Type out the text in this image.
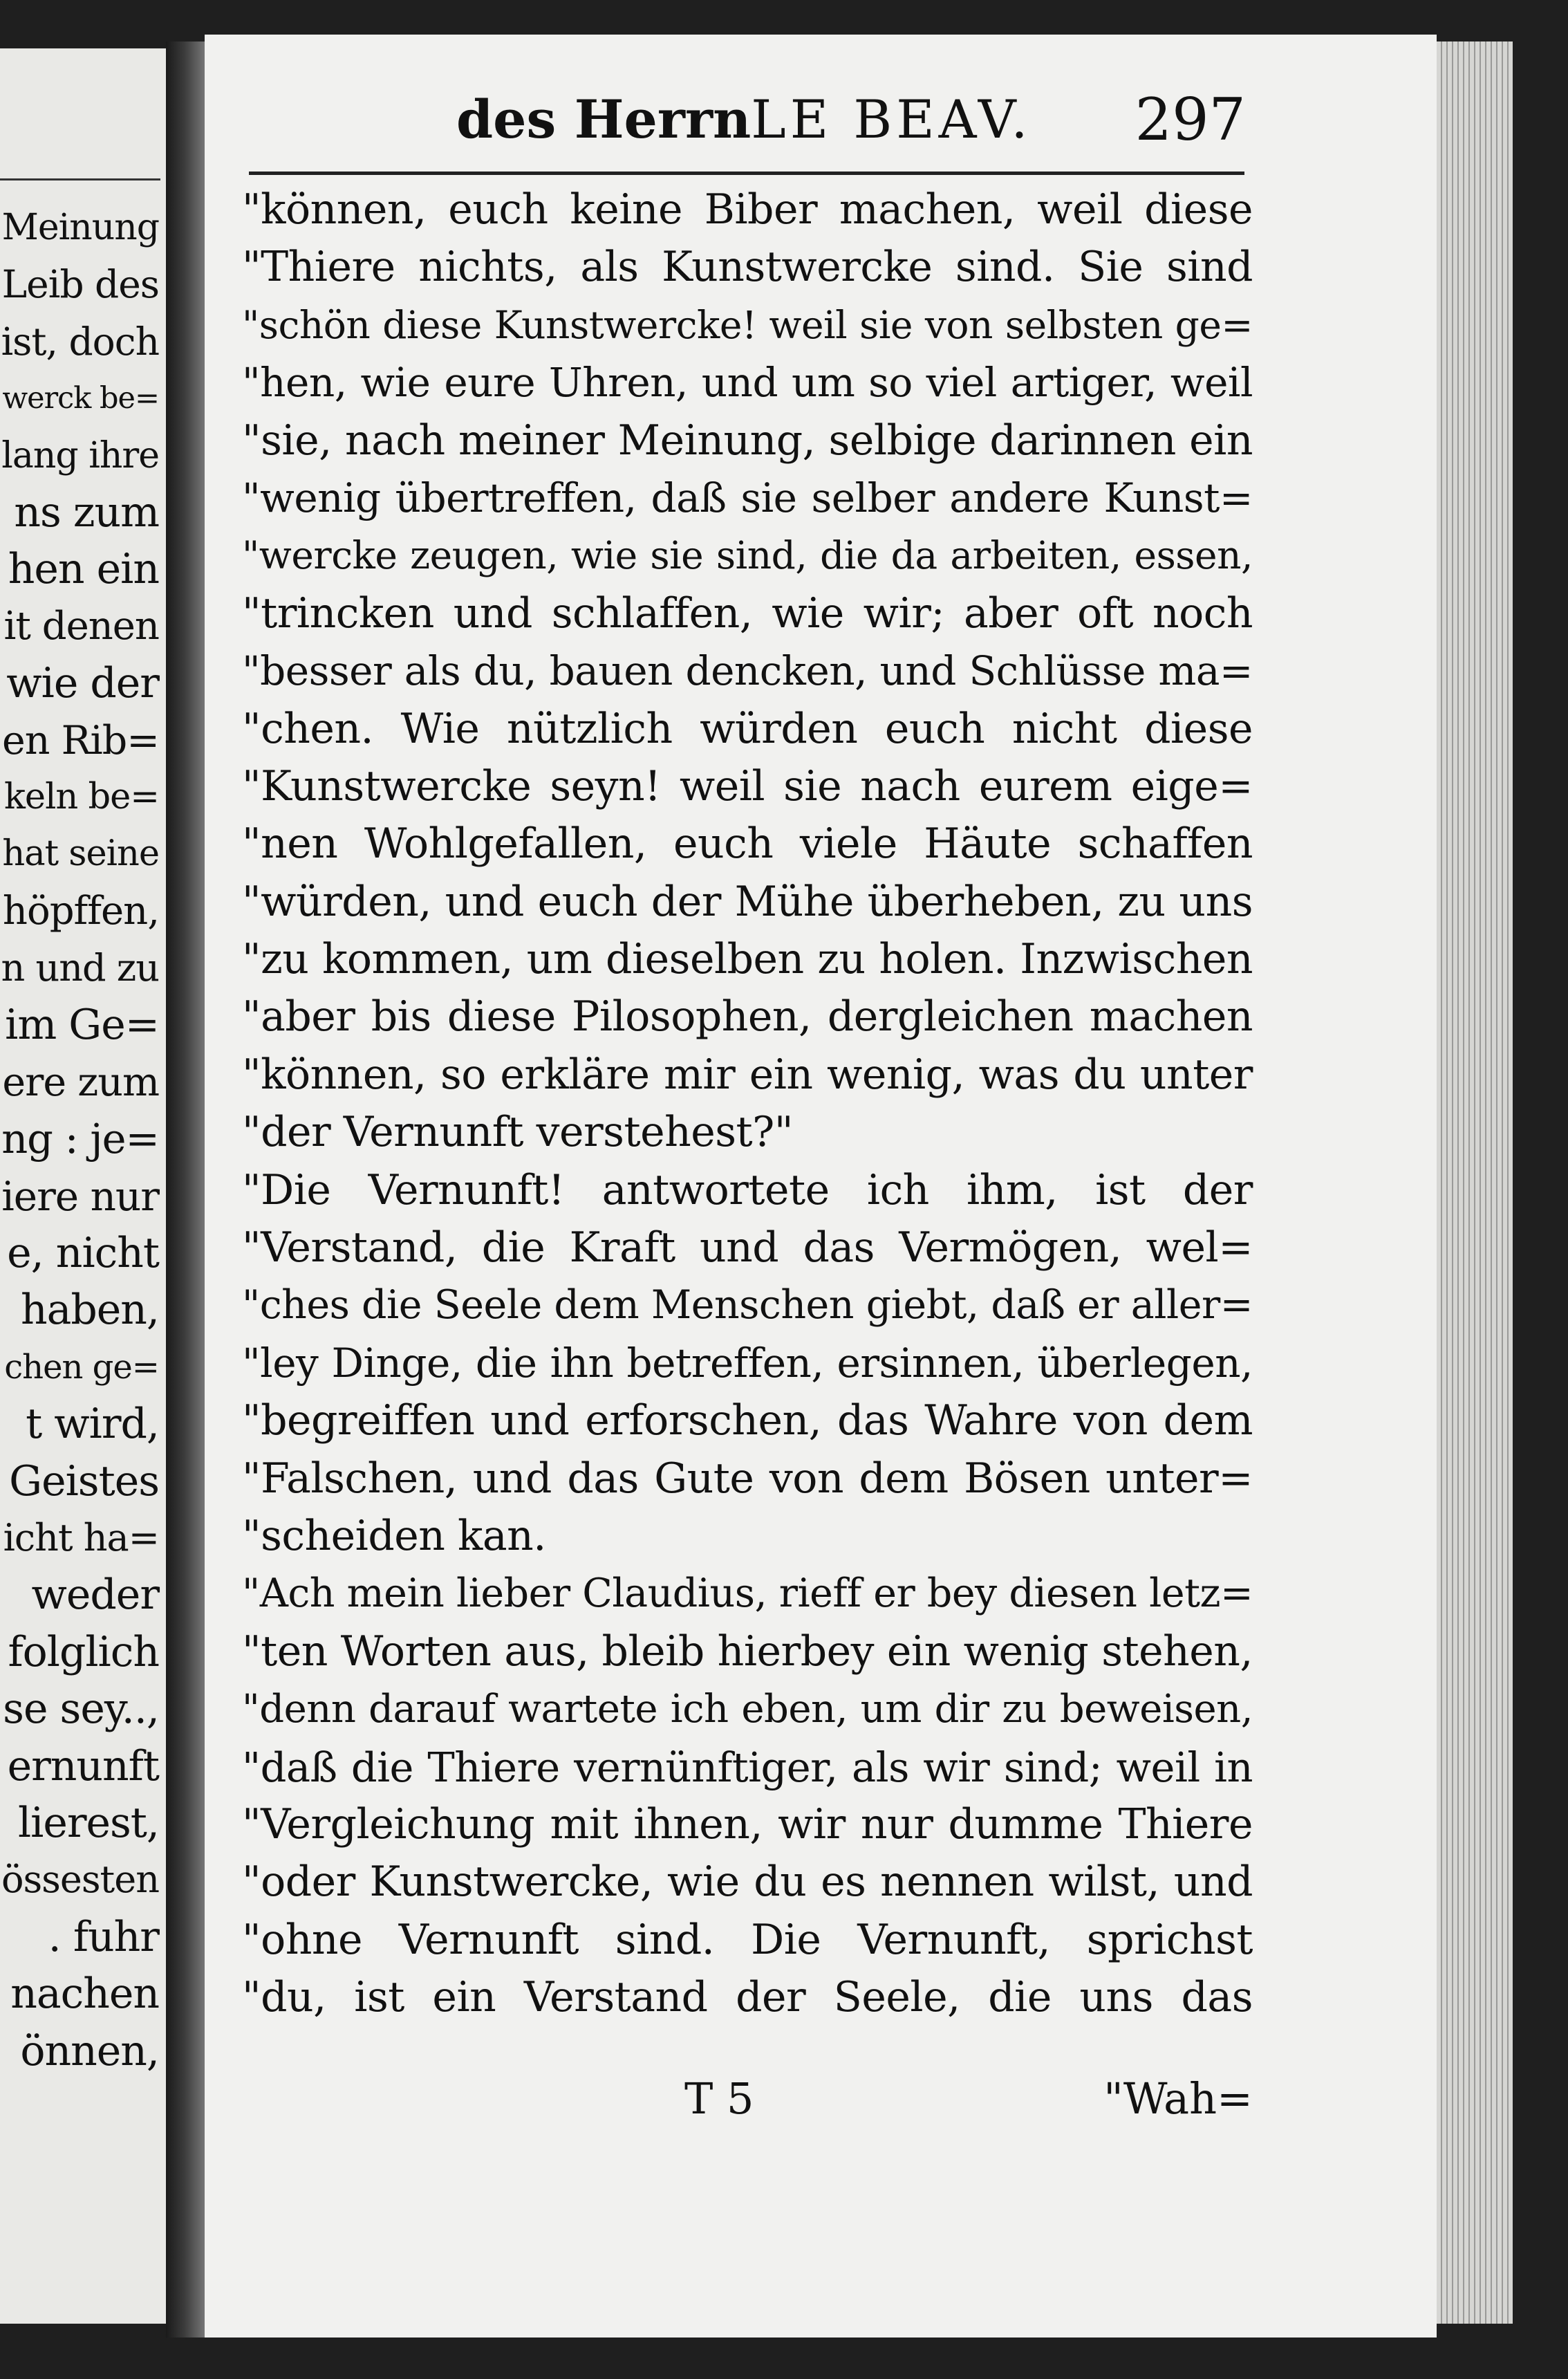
Meinung
Leib des
ist, doch
werck be=
lang ihre
ns zum
hen ein
it denen
wie der
en Rib=
keln be=
hat seine
höpffen,
n und zu
im Ge=
ere zum
ng : je=
iere nur
e, nicht
haben,
chen ge=
t wird,
Geistes
icht ha=
weder
folglich
se sey..,
ernunft
lierest,
össesten
. fuhr
nachen
önnen,
des HerrnLE BEAV. 297
"können, euch keine Biber machen, weil diese
"Thiere nichts, als Kunstwercke sind. Sie sind
"schön diese Kunstwercke! weil sie von selbsten ge=
"hen, wie eure Uhren, und um so viel artiger, weil
"sie, nach meiner Meinung, selbige darinnen ein
"wenig übertreffen, daß sie selber andere Kunst=
"wercke zeugen, wie sie sind, die da arbeiten, essen,
"trincken und schlaffen, wie wir; aber oft noch
"besser als du, bauen dencken, und Schlüsse ma=
"chen. Wie nützlich würden euch nicht diese
"Kunstwercke seyn! weil sie nach eurem eige=
"nen Wohlgefallen, euch viele Häute schaffen
"würden, und euch der Mühe überheben, zu uns
"zu kommen, um dieselben zu holen. Inzwischen
"aber bis diese Pilosophen, dergleichen machen
"können, so erkläre mir ein wenig, was du unter
"der Vernunft verstehest?"
"Die Vernunft! antwortete ich ihm, ist der
"Verstand, die Kraft und das Vermögen, wel=
"ches die Seele dem Menschen giebt, daß er aller=
"ley Dinge, die ihn betreffen, ersinnen, überlegen,
"begreiffen und erforschen, das Wahre von dem
"Falschen, und das Gute von dem Bösen unter=
"scheiden kan.
"Ach mein lieber Claudius, rieff er bey diesen letz=
"ten Worten aus, bleib hierbey ein wenig stehen,
"denn darauf wartete ich eben, um dir zu beweisen,
"daß die Thiere vernünftiger, als wir sind; weil in
"Vergleichung mit ihnen, wir nur dumme Thiere
"oder Kunstwercke, wie du es nennen wilst, und
"ohne Vernunft sind. Die Vernunft, sprichst
"du, ist ein Verstand der Seele, die uns das
T 5	"Wah=
